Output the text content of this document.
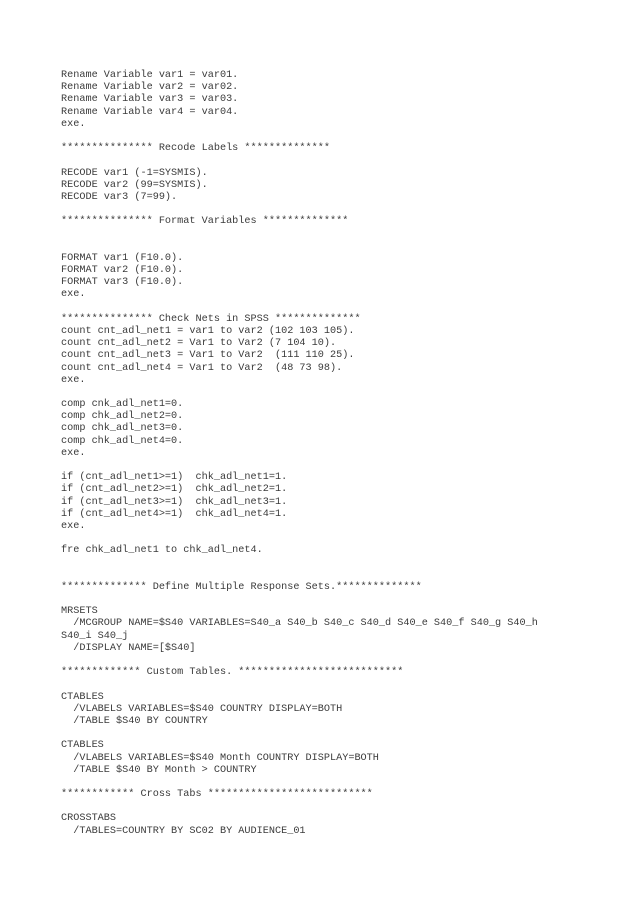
Rename Variable var1 = var01.
Rename Variable var2 = var02.
Rename Variable var3 = var03.
Rename Variable var4 = var04.
exe.
*************** Recode Labels **************
RECODE var1 (-1=SYSMIS).
RECODE var2 (99=SYSMIS).
RECODE var3 (7=99).
*************** Format Variables **************
FORMAT var1 (F10.0).
FORMAT var2 (F10.0).
FORMAT var3 (F10.0).
exe.
*************** Check Nets in SPSS **************
count cnt_adl_net1 = var1 to var2 (102 103 105).
count cnt_adl_net2 = Var1 to Var2 (7 104 10).
count cnt_adl_net3 = Var1 to Var2  (111 110 25).
count cnt_adl_net4 = Var1 to Var2  (48 73 98).
exe.
comp cnk_adl_net1=0.
comp chk_adl_net2=0.
comp chk_adl_net3=0.
comp chk_adl_net4=0.
exe.
if (cnt_adl_net1>=1)  chk_adl_net1=1.
if (cnt_adl_net2>=1)  chk_adl_net2=1.
if (cnt_adl_net3>=1)  chk_adl_net3=1.
if (cnt_adl_net4>=1)  chk_adl_net4=1.
exe.
fre chk_adl_net1 to chk_adl_net4.
************** Define Multiple Response Sets.**************
MRSETS
/MCGROUP NAME=$S40 VARIABLES=S40_a S40_b S40_c S40_d S40_e S40_f S40_g S40_h
S40_i S40_j
/DISPLAY NAME=[$S40]
************* Custom Tables. ***************************
CTABLES
/VLABELS VARIABLES=$S40 COUNTRY DISPLAY=BOTH
/TABLE $S40 BY COUNTRY
CTABLES
/VLABELS VARIABLES=$S40 Month COUNTRY DISPLAY=BOTH
/TABLE $S40 BY Month > COUNTRY
************ Cross Tabs ***************************
CROSSTABS
/TABLES=COUNTRY BY SC02 BY AUDIENCE_01
